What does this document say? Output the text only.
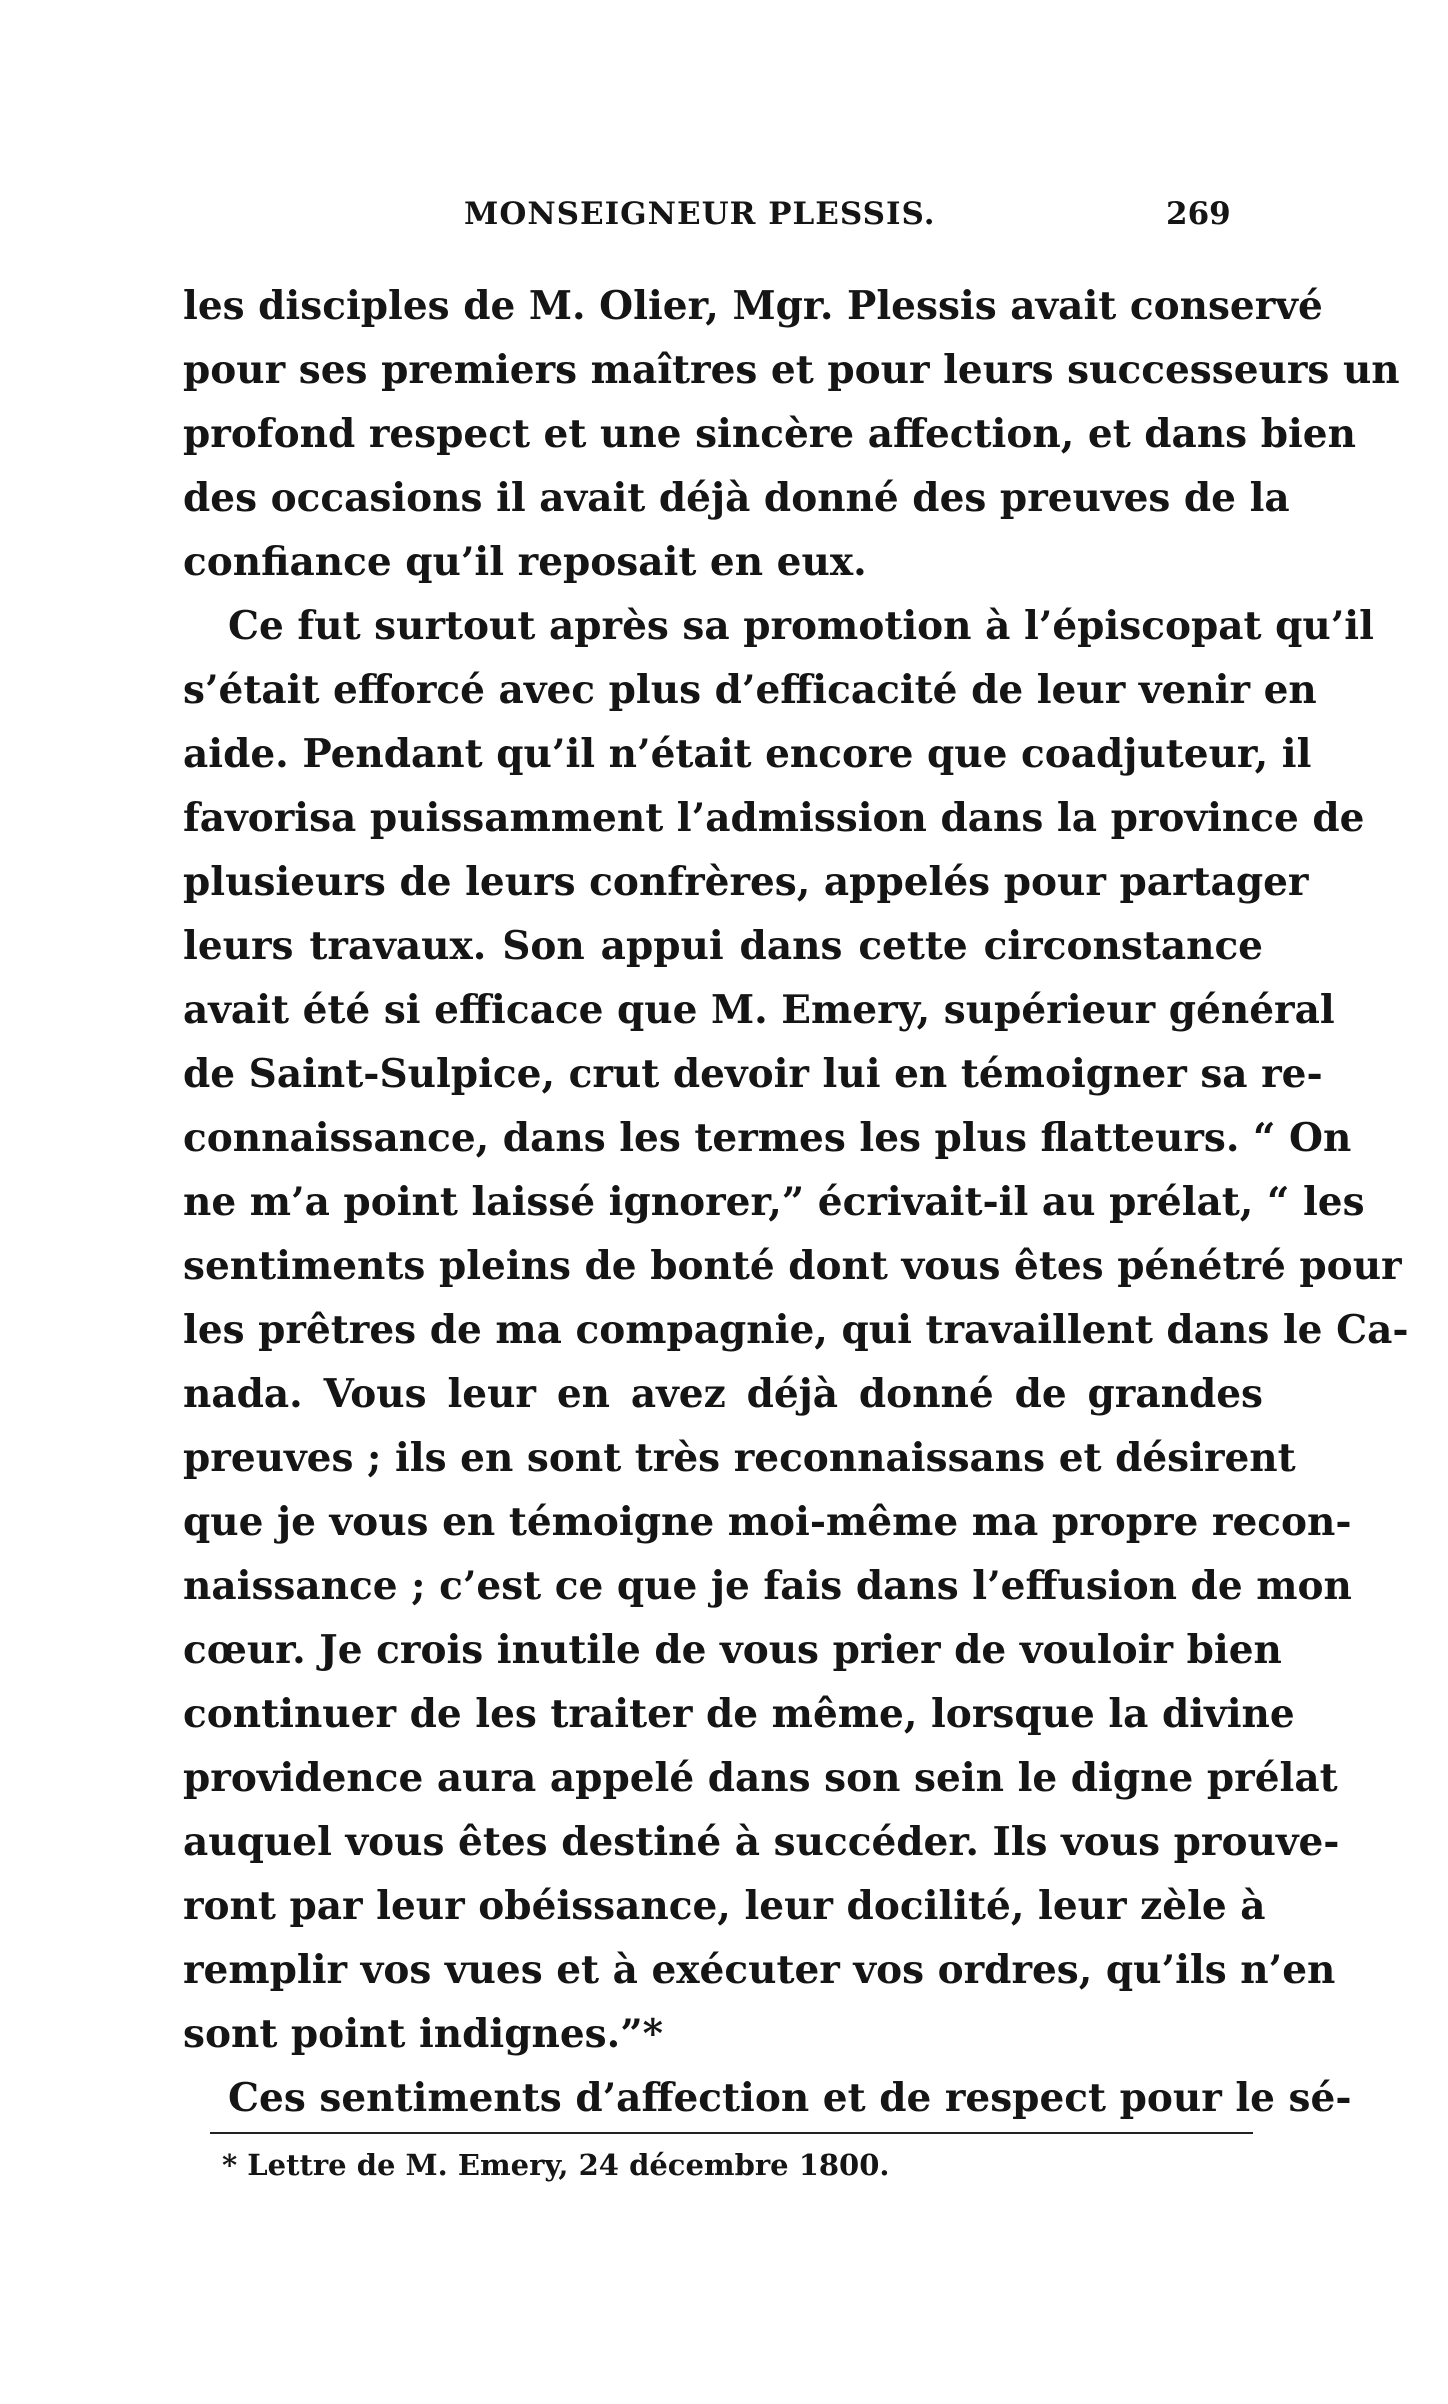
MONSEIGNEUR PLESSIS.	269
les disciples de M. Olier, Mgr. Plessis avait conservé
pour ses premiers maîtres et pour leurs successeurs un
profond respect et une sincère affection, et dans bien
des occasions il avait déjà donné des preuves de la
confiance qu’il reposait en eux.
Ce fut surtout après sa promotion à l’épiscopat qu’il
s’était efforcé avec plus d’efficacité de leur venir en
aide. Pendant qu’il n’était encore que coadjuteur, il
favorisa puissamment l’admission dans la province de
plusieurs de leurs confrères, appelés pour partager
leurs travaux. Son appui dans cette circonstance
avait été si efficace que M. Emery, supérieur général
de Saint-Sulpice, crut devoir lui en témoigner sa re-
connaissance, dans les termes les plus flatteurs. “ On
ne m’a point laissé ignorer,” écrivait-il au prélat, “ les
sentiments pleins de bonté dont vous êtes pénétré pour
les prêtres de ma compagnie, qui travaillent dans le Ca-
nada. Vous leur en avez déjà donné de grandes
preuves ; ils en sont très reconnaissans et désirent
que je vous en témoigne moi-même ma propre recon-
naissance ; c’est ce que je fais dans l’effusion de mon
cœur. Je crois inutile de vous prier de vouloir bien
continuer de les traiter de même, lorsque la divine
providence aura appelé dans son sein le digne prélat
auquel vous êtes destiné à succéder. Ils vous prouve-
ront par leur obéissance, leur docilité, leur zèle à
remplir vos vues et à exécuter vos ordres, qu’ils n’en
sont point indignes.”*
Ces sentiments d’affection et de respect pour le sé-
* Lettre de M. Emery, 24 décembre 1800.
